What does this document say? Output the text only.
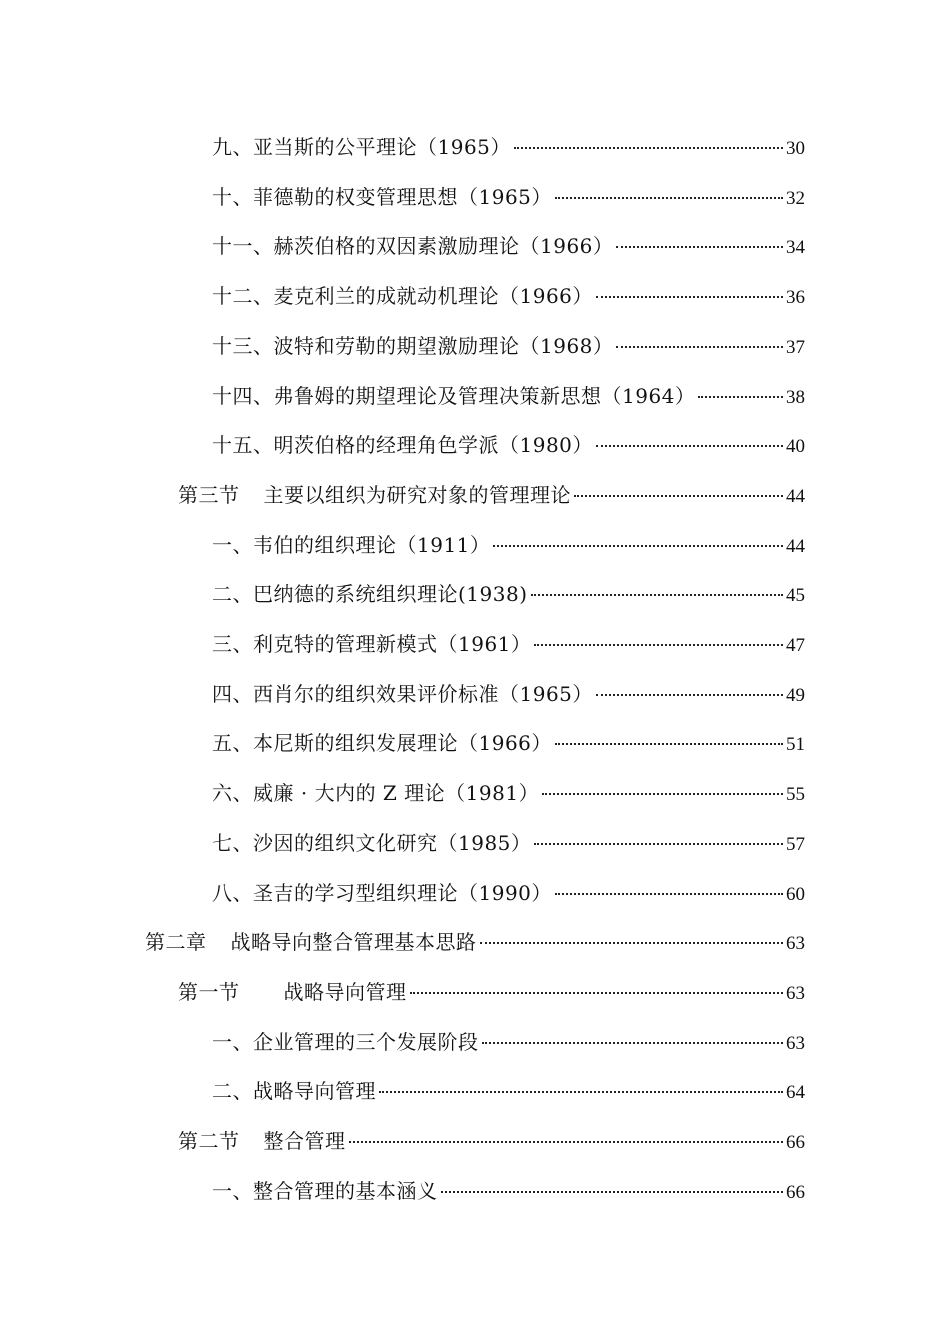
九、亚当斯的公平理论（1965）	30
十、菲德勒的权变管理思想（1965）	32
十一、赫茨伯格的双因素激励理论（1966）	34
十二、麦克利兰的成就动机理论（1966）	36
十三、波特和劳勒的期望激励理论（1968）	37
十四、弗鲁姆的期望理论及管理决策新思想（1964）	38
十五、明茨伯格的经理角色学派（1980）	40
第三节 主要以组织为研究对象的管理理论	44
一、韦伯的组织理论（1911）	44
二、巴纳德的系统组织理论(1938)	45
三、利克特的管理新模式（1961）	47
四、西肖尔的组织效果评价标准（1965）	49
五、本尼斯的组织发展理论（1966）	51
六、威廉 · 大内的 Z 理论（1981）	55
七、沙因的组织文化研究（1985）	57
八、圣吉的学习型组织理论（1990）	60
第二章 战略导向整合管理基本思路	63
第一节 战略导向管理	63
一、企业管理的三个发展阶段	63
二、战略导向管理	64
第二节 整合管理	66
一、整合管理的基本涵义	66
